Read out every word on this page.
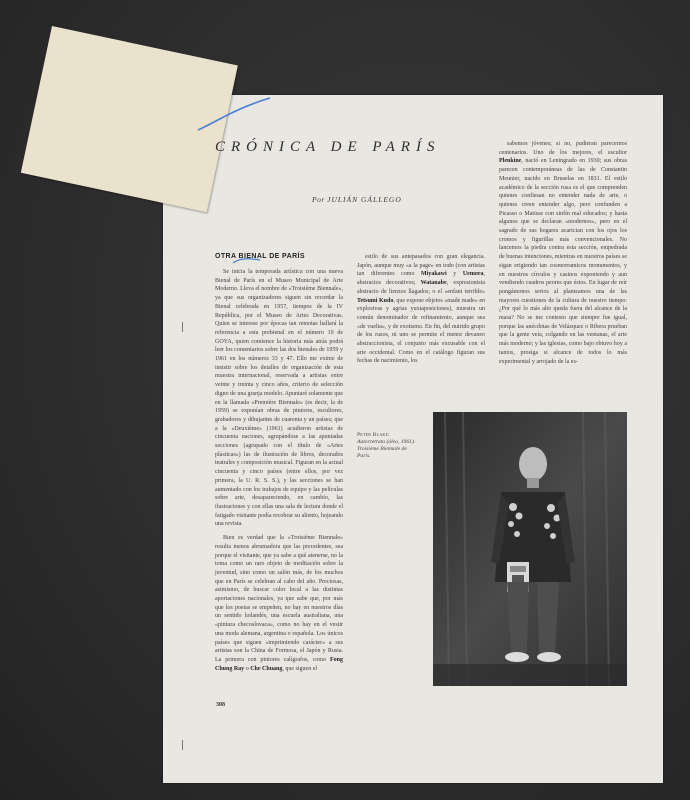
CRÓNICA DE PARÍS
Por JULIÁN GÁLLEGO
OTRA BIENAL DE PARÍS

Se inicia la temporada artística con una nueva Bienal de París en el Museo Municipal de Arte Moderno. Lleva el nombre de «Troisième Biennale», ya que sus organizadores siguen sin recordar la Bienal celebrada en 1957, tiempos de la IV República, por el Museo de Artes Decorativas. Quien se interese por épocas tan remotas hallará la referencia a esta prebienal en el número 19 de GOYA, quien comience la historia más atrás podrá leer los comentarios sobre las dos bienales de 1959 y 1961 en los números 33 y 47. Ello me exime de insistir sobre los detalles de organización de esta muestra internacional, reservada a artistas entre veinte y treinta y cinco años, criterio de selección digno de una granja modelo. Apuntaré solamente que en la llamada «Première Biennale» (es decir, la de 1959) se exponían obras de pintores, escultores, grabadores y dibujantes de cuarenta y un países; que a la «Deuxième» (1961) acudieron artistas de cincuenta naciones, agrupándose a las apuntadas secciones (agrupado con el título de «Artes plásticas») las de ilustración de libros, decorados teatrales y composición musical. Figuran en la actual cincuenta y cinco países (entre ellos, por vez primera, la U. R. S. S.), y las secciones se han aumentado con los trabajos de equipo y las películas sobre arte, desapareciendo, en cambio, las ilustraciones y con ellas una sala de lectura donde el fatigado visitante podía recobrar su aliento, hojeando una revista.

Bien es verdad que la «Troisième Biennale» resulta menos abrumadora que las precedentes, sea porque el visitante, que ya sabe a qué atenerse, no la toma como un raro objeto de meditación sobre la juventud, sino como un salón más, de los muchos que en París se celebran al cabo del año. Preciosas, asimismo, de buscar color local a las distintas aportaciones nacionales, ya que sabe que, por más que los poetas se empeñen, no hay en nuestros días un sentido holandés, una escuela australiana, una «pintura checoslovaca», como no hay en el vestir una moda alemana, argentina o española. Los únicos países que siguen «imprimiendo carácter» a sus artistas son la China de Formosa, el Japón y Rusia. La primera con pintores calígrafos, como Fong Chung Ray o Che Chuang, que siguen el

estilo de sus antepasados con gran elegancia. Japón, aunque muy «a la page» en todo (con artistas tan diferentes como Miyakawi y Uemora, abstractos decorativos; Watanabe, expresionista abstracto de lienzos llagados; o el «enfant terrible» Tetsumi Kudo, que expone objetos «made made» en explosivas y agrias yuxtaposiciones), muestra un común denominador de refinamiento, aunque sea «de vuelta», y de exotismo. En fin, del nutrido grupo de los rusos, ni uno se permite el menor devaneo abstraccionista, el conjunto más excusable con el arte occidental. Como en el catálogo figuran sus fechas de nacimiento, los

sabemos jóvenes; si no, pudieran parecernos centenarios. Uno de los mejores, el escultor Plenkine, nació en Leningrado en 1930; sus obras parecen contemporáneas de las de Constantin Meunier, nacido en Bruselas en 1831. El estilo académico de la sección rusa es el que comprenden quienes confiesan no entender nada de arte, o quienes creen entender algo, pero confunden a Picasso o Matisse con sinfín mal educados; y hasta algunos que se declaran «modernos», pero en el sagrado de sus hogares acarician con los ojos los cromos y figurillas más convencionales. No lancemos la piedra contra esta sección, empedrada de buenas intenciones, mientras en nuestros países se sigan erigiendo tan cosmorramicos monumentos, y en nuestros círculos y casinos exponiendo y aun vendiendo cuadros peores que éstos. En lugar de reír pongámonos serios al planteamos una de las mayores cuestiones de la cultura de nuestro tiempo: ¿Por qué lo más alto queda fuera del alcance de la masa? No se me contesto que siempre fue igual, porque las anécdotas de Velázquez o Ribera prueban que la gente veía, colgando en las ventanas, el arte más moderno; y las iglesias, como bajo obtuvo hoy a tantos, prosiga si alcance de todos lo más experimental y arrojado de la es-

Peter Blake: Autorretrato (óleo, 1961). Troisième Biennale de Paris.
308
